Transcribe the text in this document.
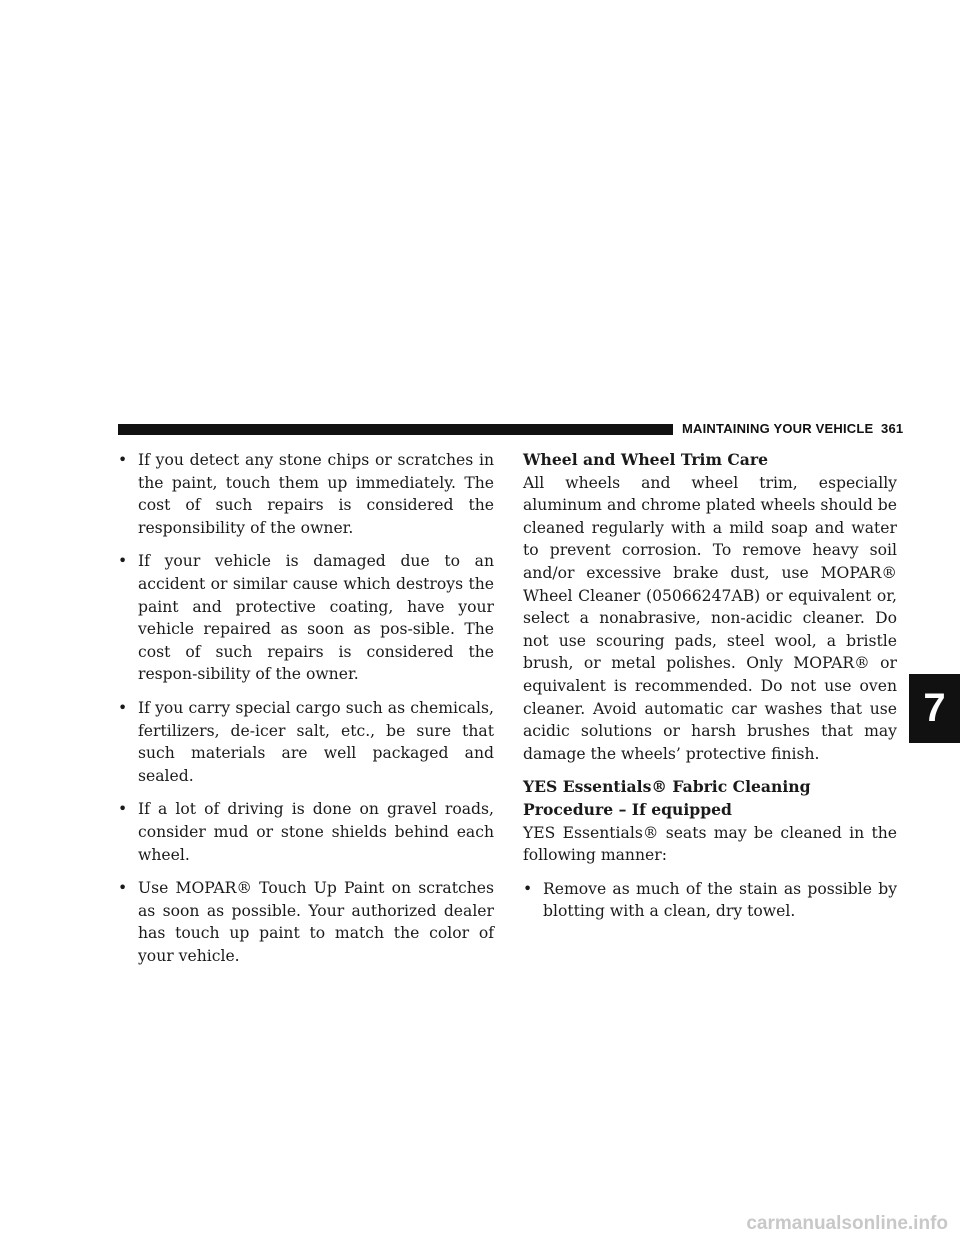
MAINTAINING YOUR VEHICLE 361
• If you detect any stone chips or scratches in the paint, touch them up immediately. The cost of such repairs is considered the responsibility of the owner.
• If your vehicle is damaged due to an accident or similar cause which destroys the paint and protective coating, have your vehicle repaired as soon as pos-sible. The cost of such repairs is considered the respon-sibility of the owner.
• If you carry special cargo such as chemicals, fertilizers, de-icer salt, etc., be sure that such materials are well packaged and sealed.
• If a lot of driving is done on gravel roads, consider mud or stone shields behind each wheel.
• Use MOPAR® Touch Up Paint on scratches as soon as possible. Your authorized dealer has touch up paint to match the color of your vehicle.

Wheel and Wheel Trim Care

All wheels and wheel trim, especially aluminum and chrome plated wheels should be cleaned regularly with a mild soap and water to prevent corrosion. To remove heavy soil and/or excessive brake dust, use MOPAR® Wheel Cleaner (05066247AB) or equivalent or, select a nonabrasive, non-acidic cleaner. Do not use scouring pads, steel wool, a bristle brush, or metal polishes. Only MOPAR® or equivalent is recommended. Do not use oven cleaner. Avoid automatic car washes that use acidic solutions or harsh brushes that may damage the wheels’ protective finish.

YES Essentials® Fabric Cleaning Procedure – If equipped

YES Essentials® seats may be cleaned in the following manner:

• Remove as much of the stain as possible by blotting with a clean, dry towel.
7
carmanualsonline.info
